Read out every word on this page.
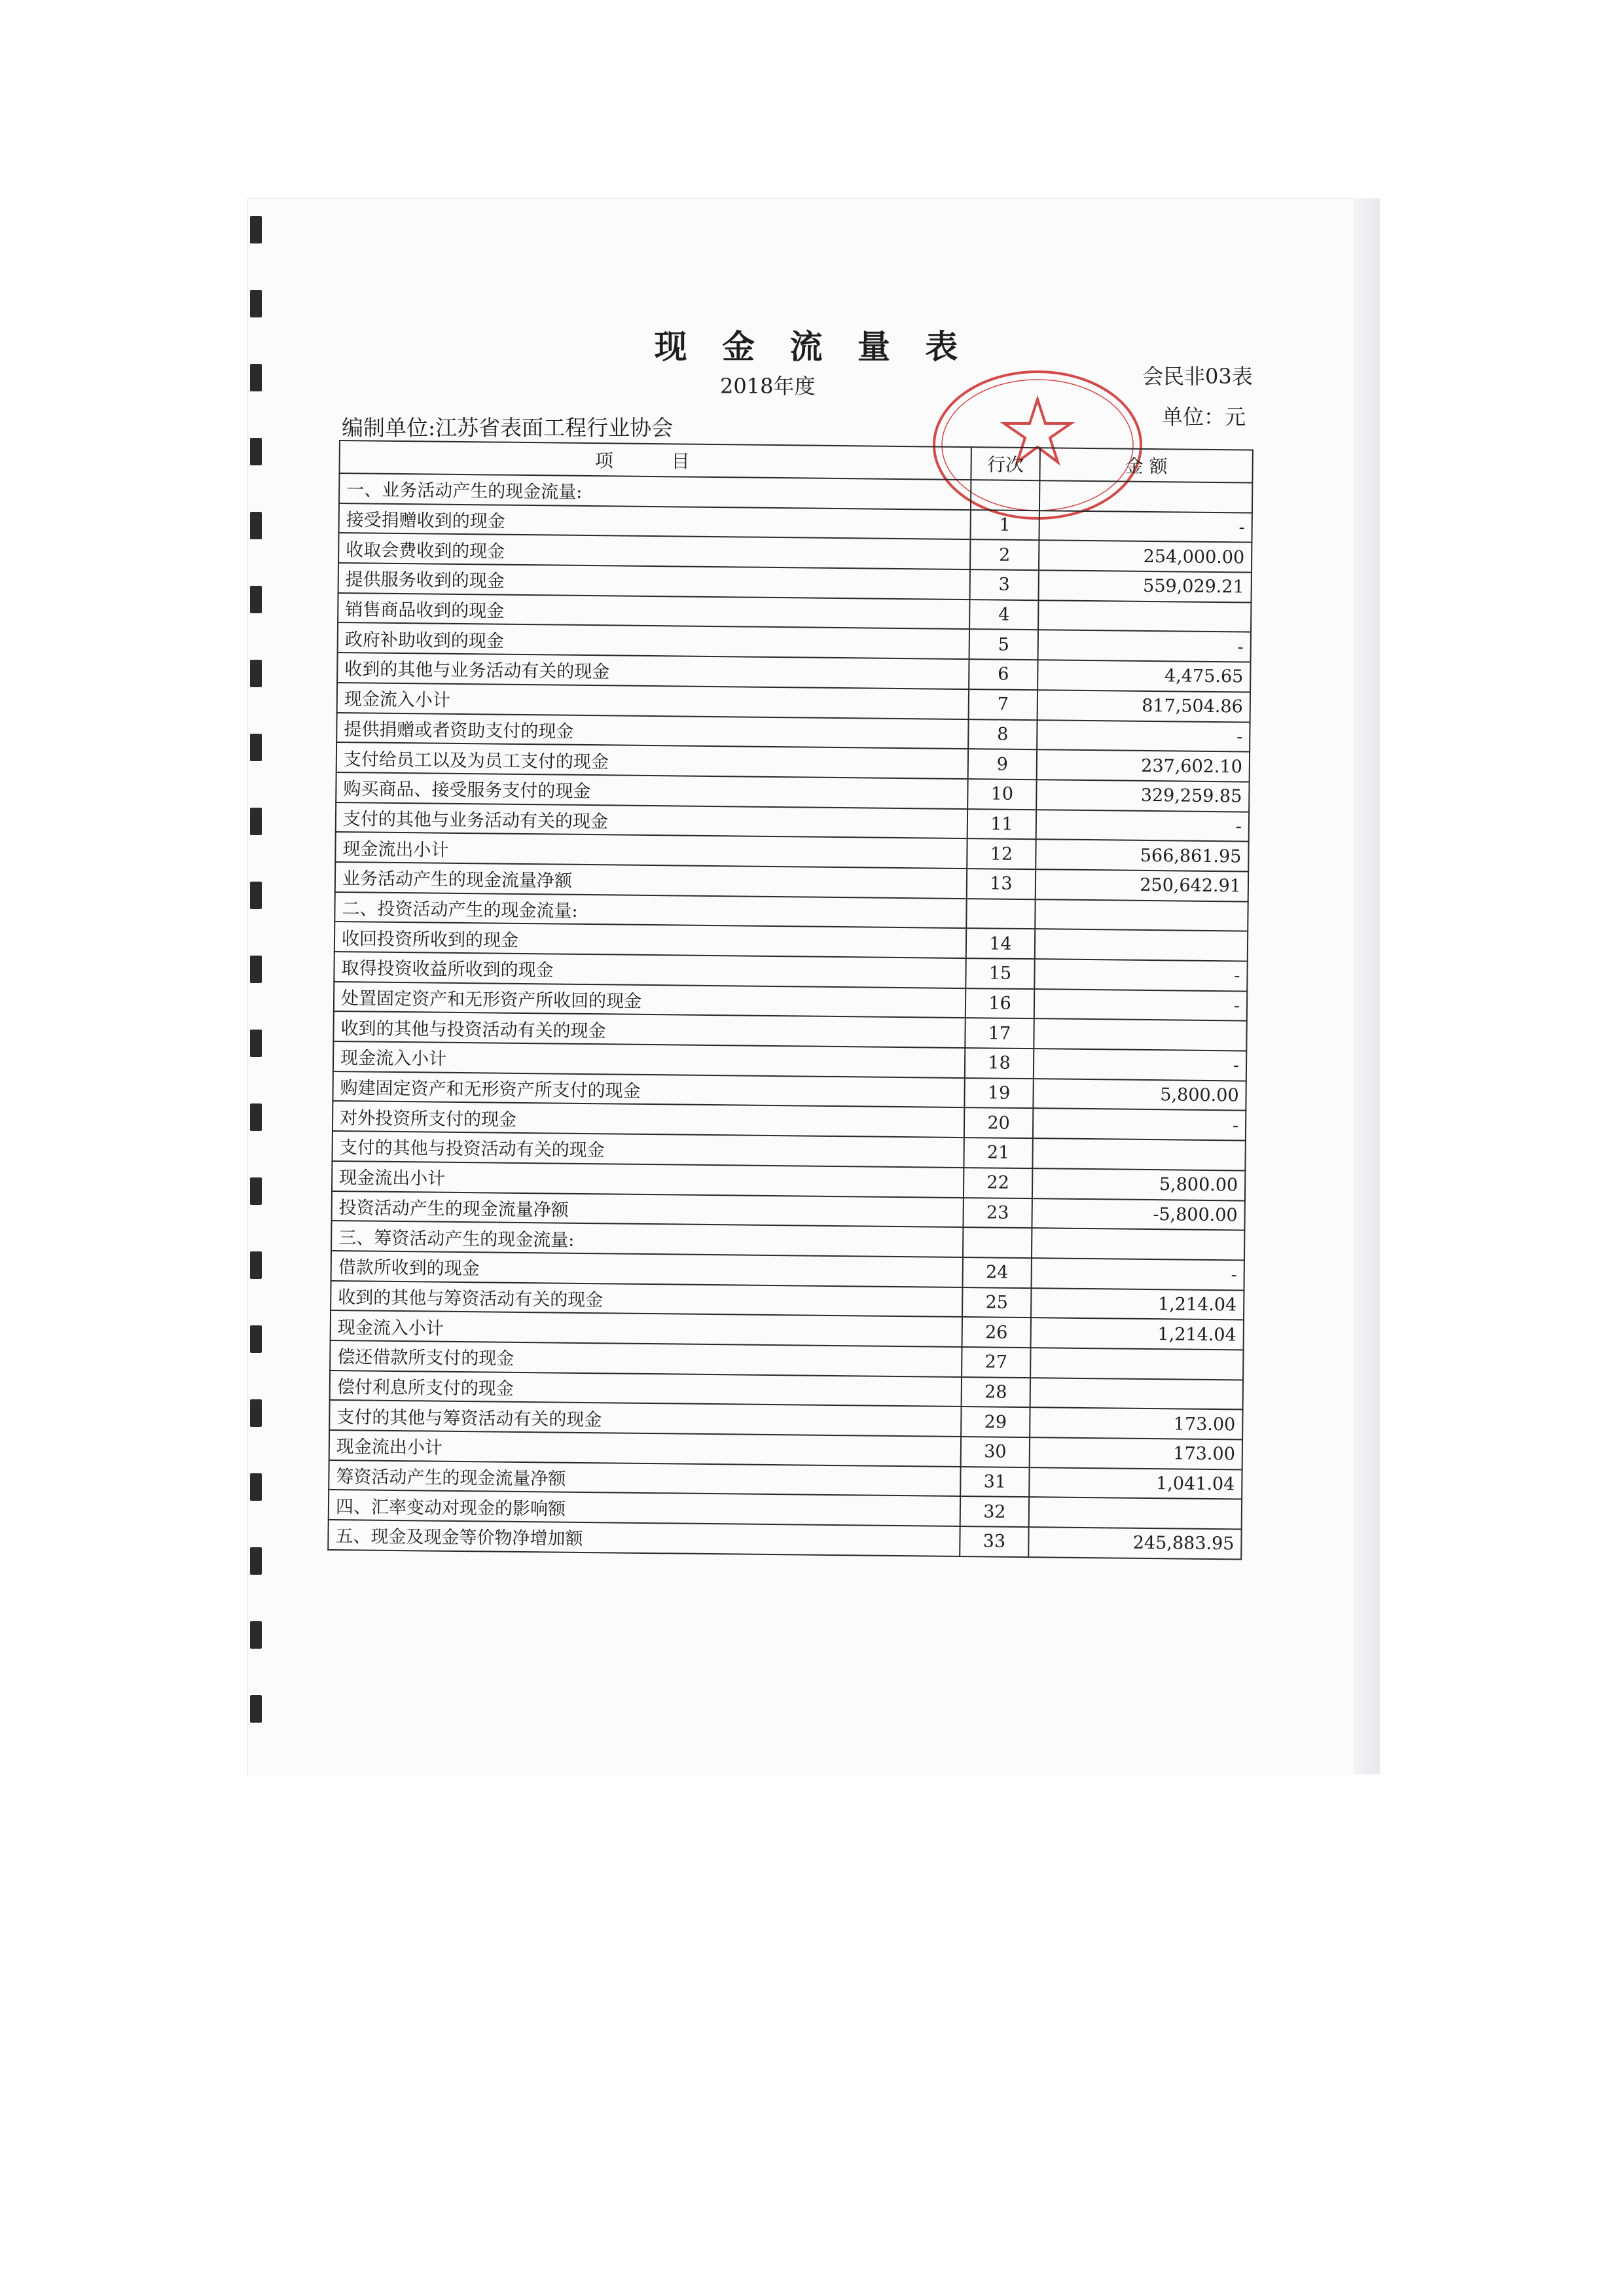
现 金 流 量 表
2018年度	会民非03表
编制单位:江苏省表面工程行业协会	单位：元
项 目	行次	金 额
一、业务活动产生的现金流量:		
接受捐赠收到的现金	1	-
收取会费收到的现金	2	254,000.00
提供服务收到的现金	3	559,029.21
销售商品收到的现金	4	
政府补助收到的现金	5	-
收到的其他与业务活动有关的现金	6	4,475.65
现金流入小计	7	817,504.86
提供捐赠或者资助支付的现金	8	-
支付给员工以及为员工支付的现金	9	237,602.10
购买商品、接受服务支付的现金	10	329,259.85
支付的其他与业务活动有关的现金	11	-
现金流出小计	12	566,861.95
业务活动产生的现金流量净额	13	250,642.91
二、投资活动产生的现金流量:		
收回投资所收到的现金	14	
取得投资收益所收到的现金	15	-
处置固定资产和无形资产所收回的现金	16	-
收到的其他与投资活动有关的现金	17	
现金流入小计	18	-
购建固定资产和无形资产所支付的现金	19	5,800.00
对外投资所支付的现金	20	-
支付的其他与投资活动有关的现金	21	
现金流出小计	22	5,800.00
投资活动产生的现金流量净额	23	-5,800.00
三、筹资活动产生的现金流量:		
借款所收到的现金	24	-
收到的其他与筹资活动有关的现金	25	1,214.04
现金流入小计	26	1,214.04
偿还借款所支付的现金	27	
偿付利息所支付的现金	28	
支付的其他与筹资活动有关的现金	29	173.00
现金流出小计	30	173.00
筹资活动产生的现金流量净额	31	1,041.04
四、汇率变动对现金的影响额	32	
五、现金及现金等价物净增加额	33	245,883.95
